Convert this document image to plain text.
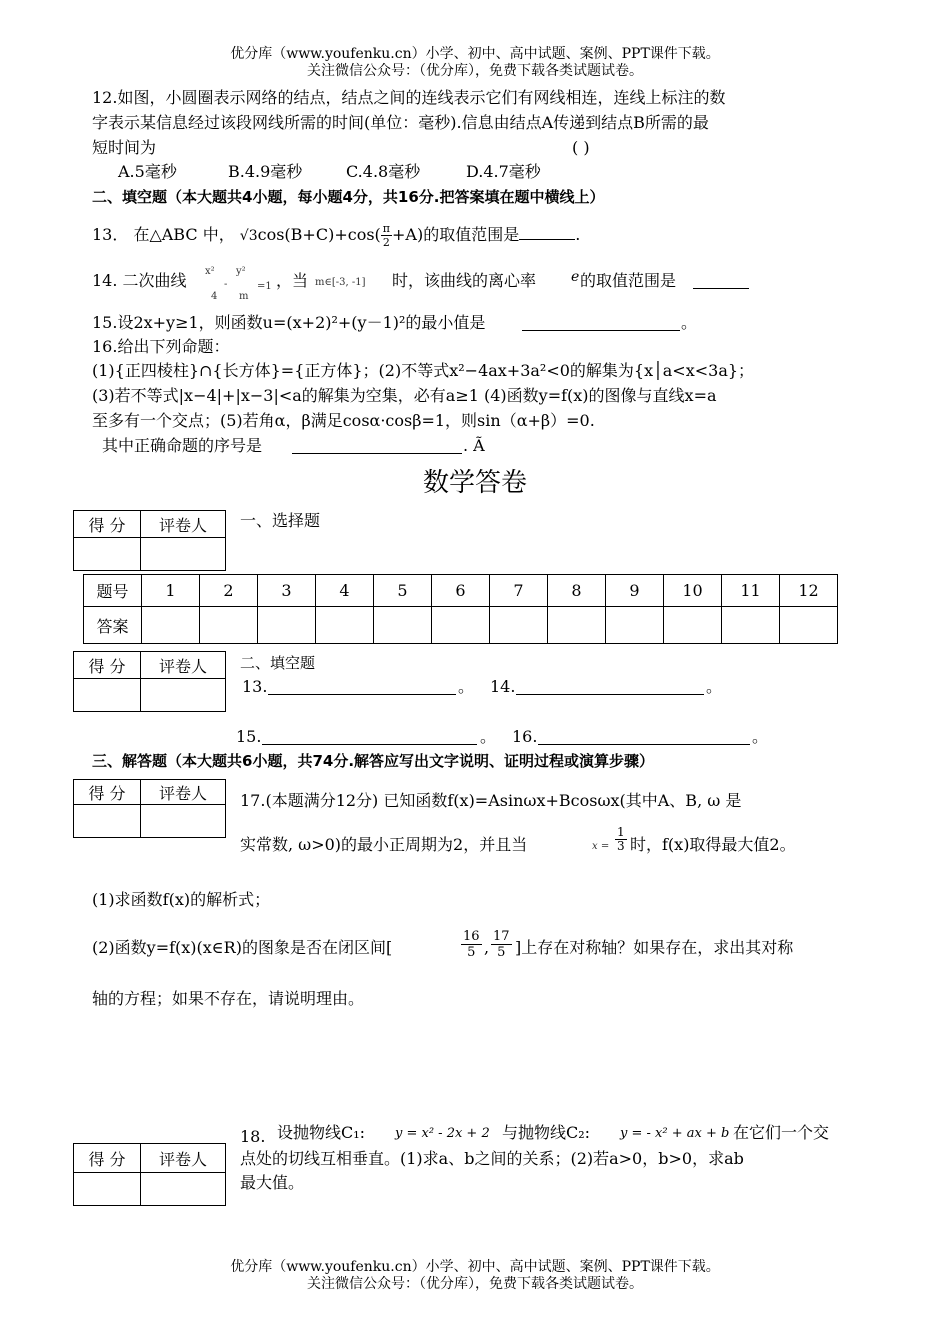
优分库（www.youfenku.cn）小学、初中、高中试题、案例、PPT课件下载。
关注微信公众号：（优分库），免费下载各类试题试卷。
12.如图，小圆圈表示网络的结点，结点之间的连线表示它们有网线相连，连线上标注的数
字表示某信息经过该段网线所需的时间(单位：毫秒).信息由结点A传递到结点B所需的最
短时间为	( )
A.5毫秒	B.4.9毫秒	C.4.8毫秒	D.4.7毫秒
二、填空题（本大题共4小题，每小题4分，共16分.把答案填在题中横线上）
13． 在△ABC 中， $√3\cos(B+C)+\cos( \frac{\pi}{2} +A)$的取值范围是	.
14. 二次曲线 x²
4
-
y²
m
=1 ，当 m∈[-3, -1] 时，该曲线的离心率 e 的取值范围是
15.设2x+y≥1，则函数u=(x+2)²+(y－1)²的最小值是	。
16.给出下列命题：
(1){正四棱柱}∩{长方体}={正方体}；(2)不等式x²−4ax+3a²<0的解集为{x│a<x<3a}；
(3)若不等式|x−4|+|x−3|<a的解集为空集，必有a≥1 (4)函数y=f(x)的图像与直线x=a
至多有一个交点；(5)若角α，β满足cosα·cosβ=1，则sin（α+β）=0.
其中正确命题的序号是	. Ã
数学答卷
得 分	评卷人
	一、选择题
题号	1	2	3	4	5	6	7	8	9	10	11	12
答案												
得 分	评卷人
	二、填空题
13.	。 14.	。
15.	。 16.	。
三、解答题（本大题共6小题，共74分.解答应写出文字说明、证明过程或演算步骤）
得 分	评卷人
	17.(本题满分12分) 已知函数f(x)=Asinωx+Bcosωx(其中A、B, ω 是
实常数, ω>0)的最小正周期为2，并且当	$x = \frac{1}{3}$ 时，f(x)取得最大值2。
(1)求函数f(x)的解析式；
(2)函数y=f(x)(x∈R)的图象是否在闭区间[	$\frac{16}{5}$ , $\frac{17}{5}$ ]上存在对称轴？如果存在，求出其对称
轴的方程；如果不存在，请说明理由。
得 分	评卷人

18. 设抛物线C₁: y = x² - 2x + 2 与抛物线C₂: y = - x² + ax + b 在它们一个交
点处的切线互相垂直。(1)求a、b之间的关系；(2)若a>0，b>0，求ab
最大值。
优分库（www.youfenku.cn）小学、初中、高中试题、案例、PPT课件下载。
关注微信公众号：（优分库），免费下载各类试题试卷。
